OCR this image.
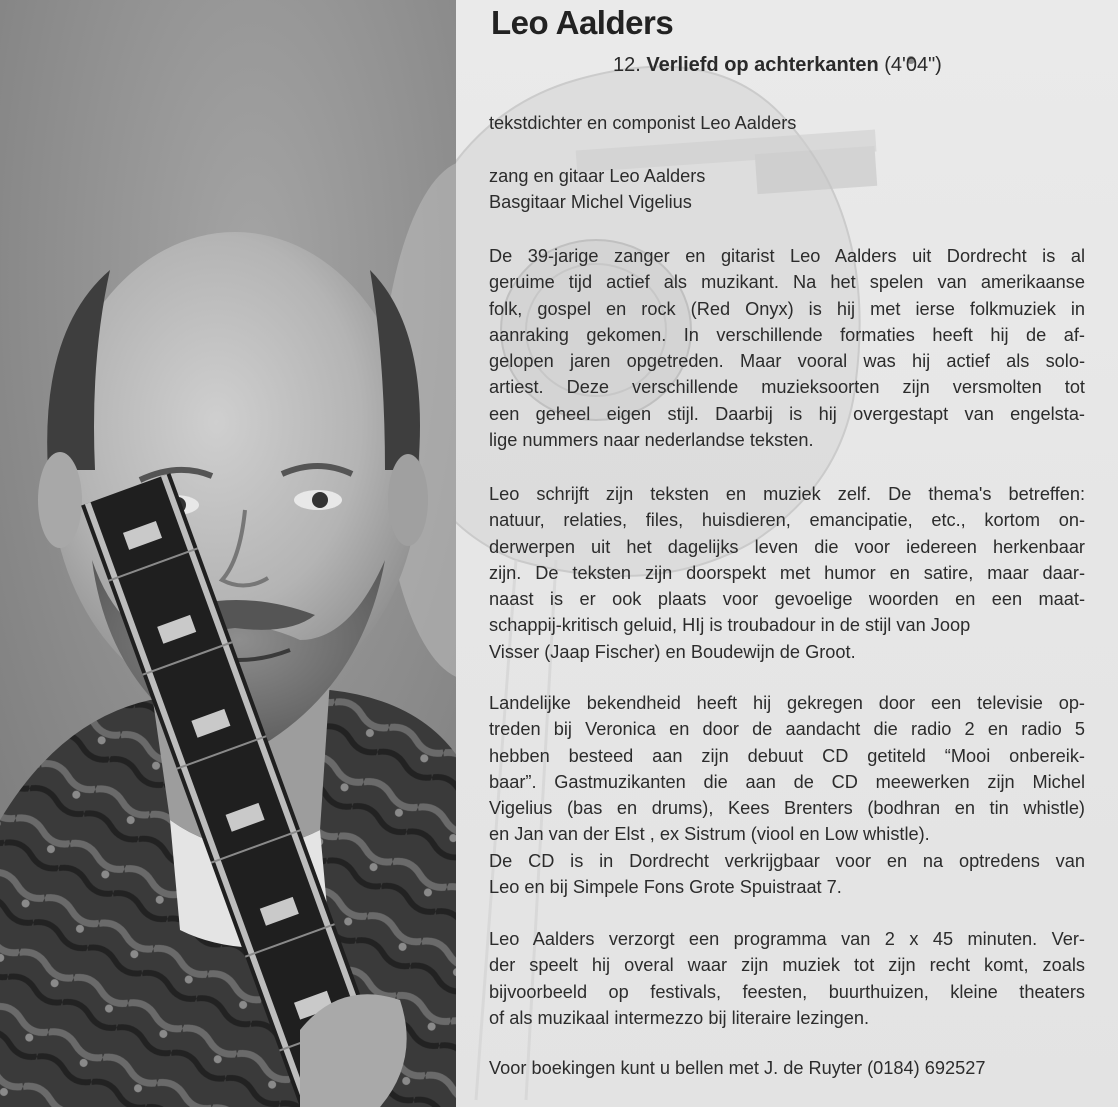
Leo Aalders
12. Verliefd op achterkanten (4'04")
tekstdichter en componist Leo Aalders
zang en gitaar Leo Aalders
Basgitaar Michel Vigelius
De 39-jarige zanger en gitarist Leo Aalders uit Dordrecht is al
geruime tijd actief als muzikant. Na het spelen van amerikaanse
folk, gospel en rock (Red Onyx) is hij met ierse folkmuziek in
aanraking gekomen. In verschillende formaties heeft hij de af-
gelopen jaren opgetreden. Maar vooral was hij actief als solo-
artiest. Deze verschillende muzieksoorten zijn versmolten tot
een geheel eigen stijl. Daarbij is hij overgestapt van engelsta-
lige nummers naar nederlandse teksten.
Leo schrijft zijn teksten en muziek zelf. De thema's betreffen:
natuur, relaties, files, huisdieren, emancipatie, etc., kortom on-
derwerpen uit het dagelijks leven die voor iedereen herkenbaar
zijn. De teksten zijn doorspekt met humor en satire, maar daar-
naast is er ook plaats voor gevoelige woorden en een maat-
schappij-kritisch geluid, HIj is troubadour in de stijl van Joop
Visser (Jaap Fischer) en Boudewijn de Groot.
Landelijke bekendheid heeft hij gekregen door een televisie op-
treden bij Veronica en door de aandacht die radio 2 en radio 5
hebben besteed aan zijn debuut CD getiteld “Mooi onbereik-
baar”. Gastmuzikanten die aan de CD meewerken zijn Michel
Vigelius (bas en drums), Kees Brenters (bodhran en tin whistle)
en Jan van der Elst , ex Sistrum (viool en Low whistle).
De CD is in Dordrecht verkrijgbaar voor en na optredens van
Leo en bij Simpele Fons Grote Spuistraat 7.
Leo Aalders verzorgt een programma van 2 x 45 minuten. Ver-
der speelt hij overal waar zijn muziek tot zijn recht komt, zoals
bijvoorbeeld op festivals, feesten, buurthuizen, kleine theaters
of als muzikaal intermezzo bij literaire lezingen.
Voor boekingen kunt u bellen met J. de Ruyter (0184) 692527
